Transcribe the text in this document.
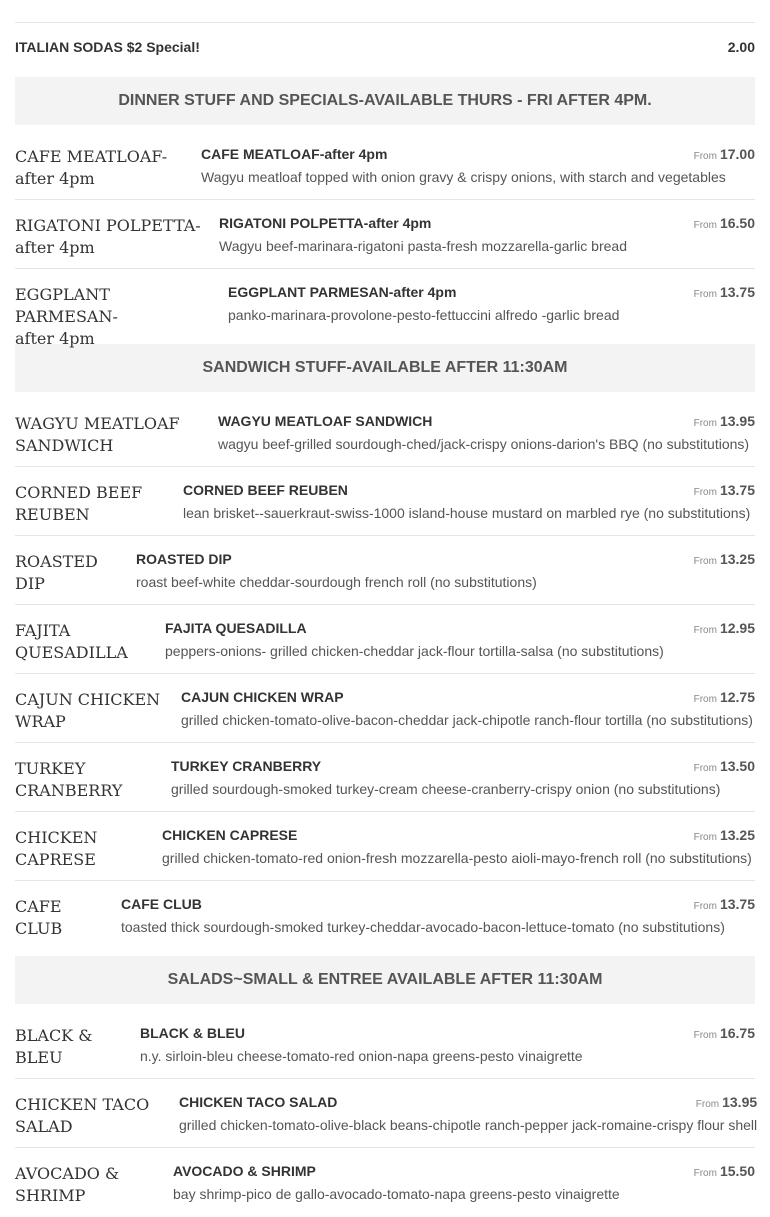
ITALIAN SODAS $2 Special!	2.00
DINNER STUFF AND SPECIALS-AVAILABLE THURS - FRI AFTER 4PM.
CAFE MEATLOAF-
after 4pm
CAFE MEATLOAF-after 4pm
Wagyu meatloaf topped with onion gravy & crispy onions, with starch and vegetables
From 17.00
RIGATONI POLPETTA-
after 4pm
RIGATONI POLPETTA-after 4pm
Wagyu beef-marinara-rigatoni pasta-fresh mozzarella-garlic bread
From 16.50
EGGPLANT PARMESAN-
after 4pm
EGGPLANT PARMESAN-after 4pm
panko-marinara-provolone-pesto-fettuccini alfredo -garlic bread
From 13.75
SANDWICH STUFF-AVAILABLE AFTER 11:30AM
WAGYU MEATLOAF
SANDWICH
WAGYU MEATLOAF SANDWICH
wagyu beef-grilled sourdough-ched/jack-crispy onions-darion's BBQ (no substitutions)
From 13.95
CORNED BEEF
REUBEN
CORNED BEEF REUBEN
lean brisket--sauerkraut-swiss-1000 island-house mustard on marbled rye (no substitutions)
From 13.75
ROASTED
DIP
ROASTED DIP
roast beef-white cheddar-sourdough french roll (no substitutions)
From 13.25
FAJITA
QUESADILLA
FAJITA QUESADILLA
peppers-onions- grilled chicken-cheddar jack-flour tortilla-salsa (no substitutions)
From 12.95
CAJUN CHICKEN
WRAP
CAJUN CHICKEN WRAP
grilled chicken-tomato-olive-bacon-cheddar jack-chipotle ranch-flour tortilla (no substitutions)
From 12.75
TURKEY
CRANBERRY
TURKEY CRANBERRY
grilled sourdough-smoked turkey-cream cheese-cranberry-crispy onion (no substitutions)
From 13.50
CHICKEN
CAPRESE
CHICKEN CAPRESE
grilled chicken-tomato-red onion-fresh mozzarella-pesto aioli-mayo-french roll (no substitutions)
From 13.25
CAFE
CLUB
CAFE CLUB
toasted thick sourdough-smoked turkey-cheddar-avocado-bacon-lettuce-tomato (no substitutions)
From 13.75
SALADS~SMALL & ENTREE AVAILABLE AFTER 11:30AM
BLACK &
BLEU
BLACK & BLEU
n.y. sirloin-bleu cheese-tomato-red onion-napa greens-pesto vinaigrette
From 16.75
CHICKEN TACO
SALAD
CHICKEN TACO SALAD
grilled chicken-tomato-olive-black beans-chipotle ranch-pepper jack-romaine-crispy flour shell
From 13.95
AVOCADO &
SHRIMP
AVOCADO & SHRIMP
bay shrimp-pico de gallo-avocado-tomato-napa greens-pesto vinaigrette
From 15.50
